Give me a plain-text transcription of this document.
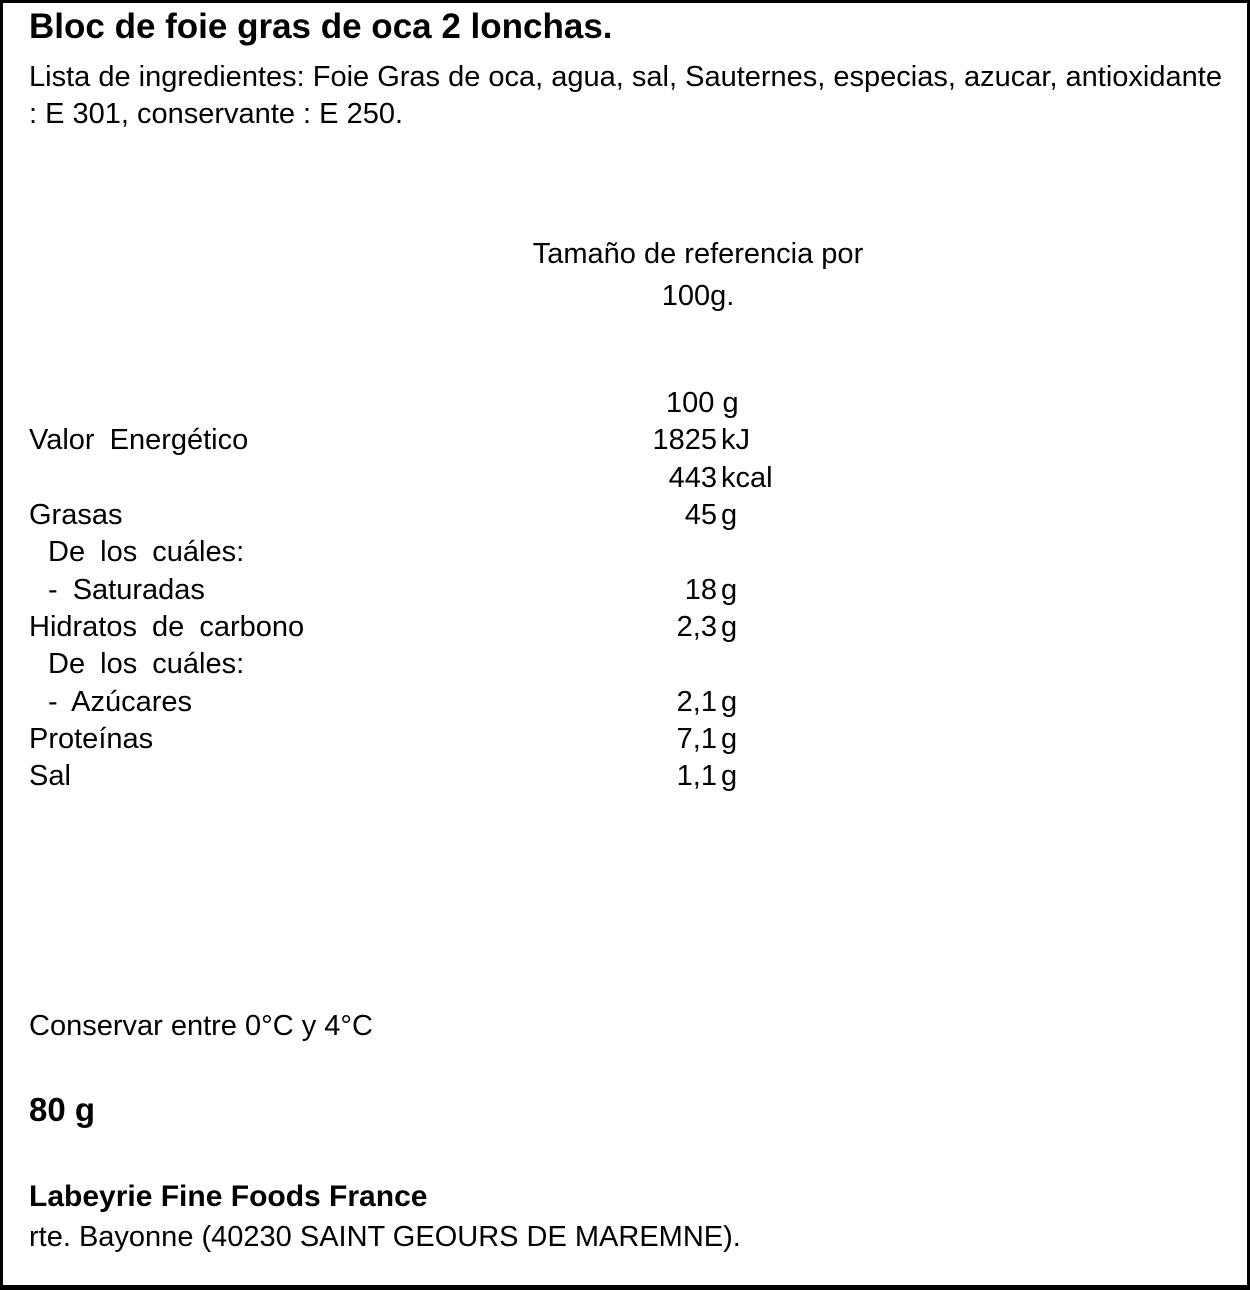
Bloc de foie gras de oca 2 lonchas.
Lista de ingredientes: Foie Gras de oca, agua, sal, Sauternes, especias, azucar, antioxidante : E 301, conservante : E 250.
Tamaño de referencia por
100g.
100 g
Valor Energético	1825 kJ
443 kcal
Grasas	45 g
De los cuáles:
- Saturadas	18 g
Hidratos de carbono	2,3 g
De los cuáles:
- Azúcares	2,1 g
Proteínas	7,1 g
Sal	1,1 g
Conservar entre 0°C y 4°C
80 g
Labeyrie Fine Foods France
rte. Bayonne (40230 SAINT GEOURS DE MAREMNE).
